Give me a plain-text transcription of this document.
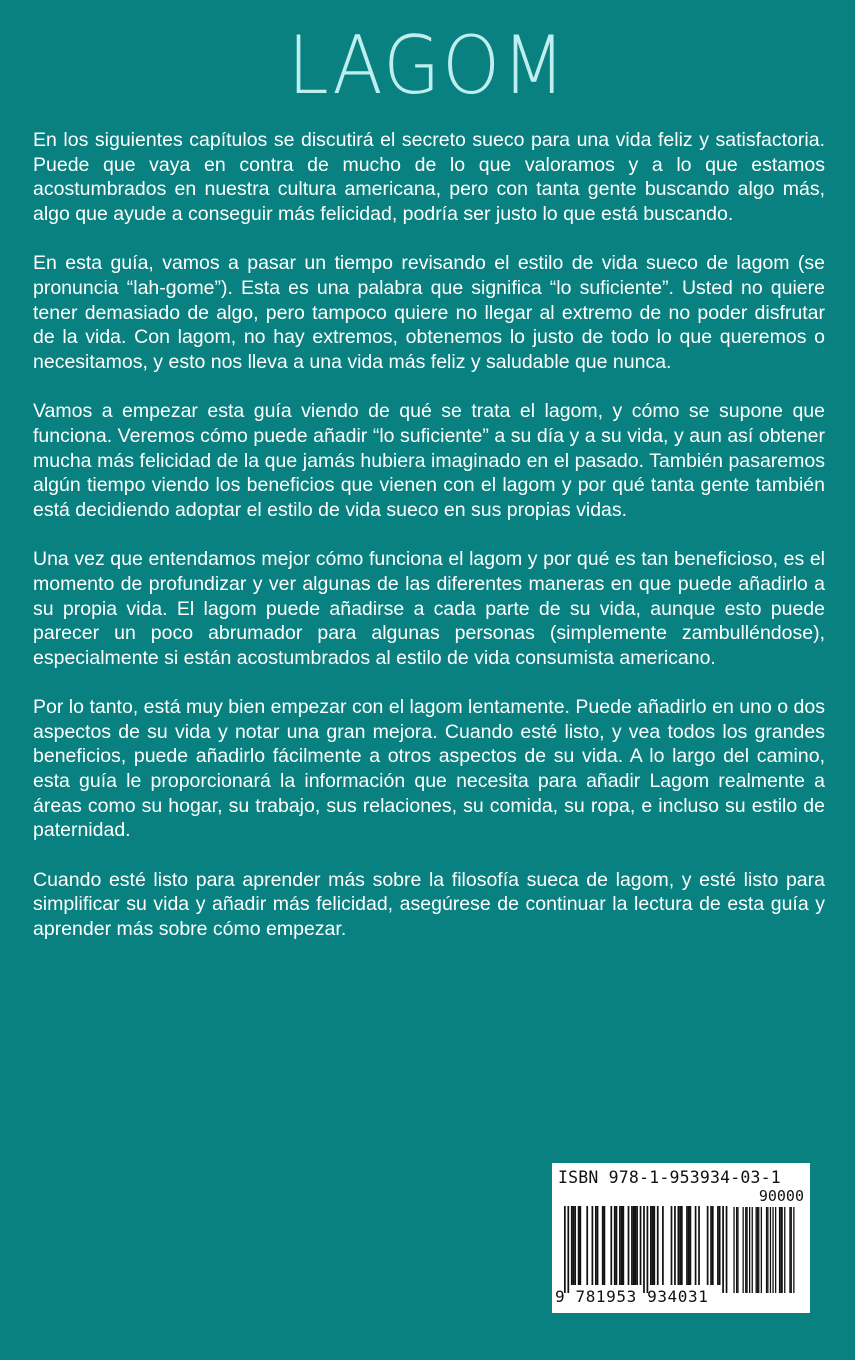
LAGOM

En los siguientes capítulos se discutirá el secreto sueco para una vida feliz y satisfactoria. Puede que vaya en contra de mucho de lo que valoramos y a lo que estamos acostumbrados en nuestra cultura americana, pero con tanta gente buscando algo más, algo que ayude a conseguir más felicidad, podría ser justo lo que está buscando.

En esta guía, vamos a pasar un tiempo revisando el estilo de vida sueco de lagom (se pronuncia “lah-gome”). Esta es una palabra que significa “lo suficiente”. Usted no quiere tener demasiado de algo, pero tampoco quiere no llegar al extremo de no poder disfrutar de la vida. Con lagom, no hay extremos, obtenemos lo justo de todo lo que queremos o necesitamos, y esto nos lleva a una vida más feliz y saludable que nunca.

Vamos a empezar esta guía viendo de qué se trata el lagom, y cómo se supone que funciona. Veremos cómo puede añadir “lo suficiente” a su día y a su vida, y aun así obtener mucha más felicidad de la que jamás hubiera imaginado en el pasado. También pasaremos algún tiempo viendo los beneficios que vienen con el lagom y por qué tanta gente también está decidiendo adoptar el estilo de vida sueco en sus propias vidas.

Una vez que entendamos mejor cómo funciona el lagom y por qué es tan beneficioso, es el momento de profundizar y ver algunas de las diferentes maneras en que puede añadirlo a su propia vida. El lagom puede añadirse a cada parte de su vida, aunque esto puede parecer un poco abrumador para algunas personas (simplemente zambulléndose), especialmente si están acostumbrados al estilo de vida consumista americano.

Por lo tanto, está muy bien empezar con el lagom lentamente. Puede añadirlo en uno o dos aspectos de su vida y notar una gran mejora. Cuando esté listo, y vea todos los grandes beneficios, puede añadirlo fácilmente a otros aspectos de su vida. A lo largo del camino, esta guía le proporcionará la información que necesita para añadir Lagom realmente a áreas como su hogar, su trabajo, sus relaciones, su comida, su ropa, e incluso su estilo de paternidad.

Cuando esté listo para aprender más sobre la filosofía sueca de lagom, y esté listo para simplificar su vida y añadir más felicidad, asegúrese de continuar la lectura de esta guía y aprender más sobre cómo empezar.

ISBN 978-1-953934-03-1
90000
9 781953 934031
